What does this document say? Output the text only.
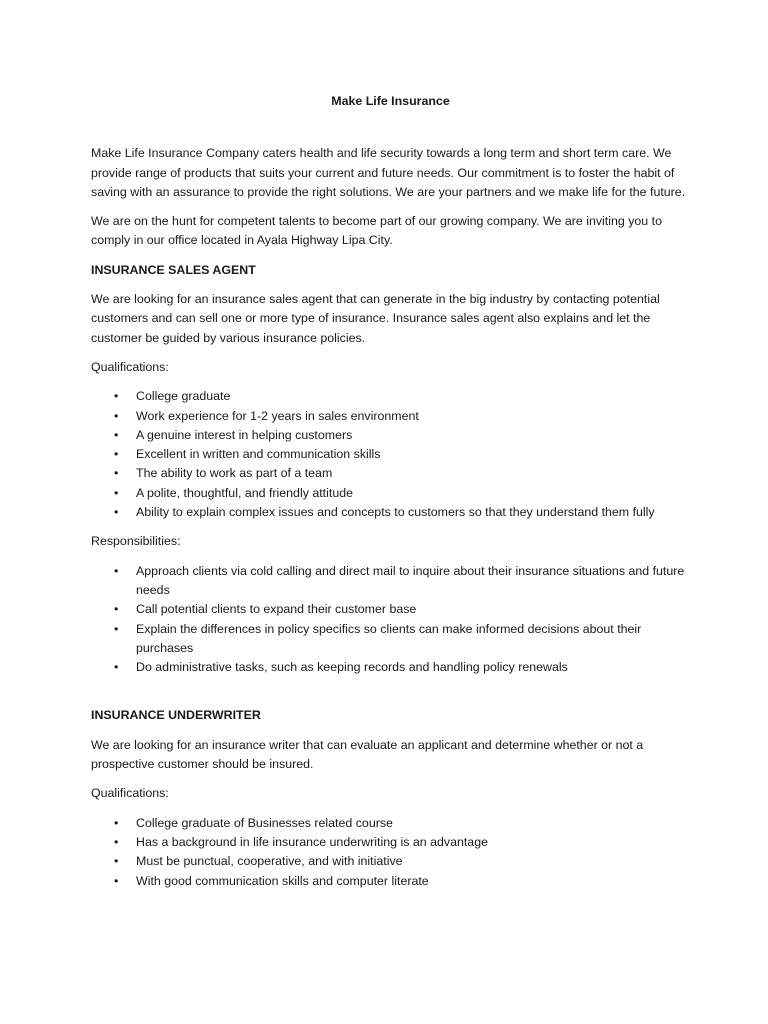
Make Life Insurance

Make Life Insurance Company caters health and life security towards a long term and short term care. We provide range of products that suits your current and future needs. Our commitment is to foster the habit of saving with an assurance to provide the right solutions. We are your partners and we make life for the future.

We are on the hunt for competent talents to become part of our growing company. We are inviting you to comply in our office located in Ayala Highway Lipa City.

INSURANCE SALES AGENT

We are looking for an insurance sales agent that can generate in the big industry by contacting potential customers and can sell one or more type of insurance. Insurance sales agent also explains and let the customer be guided by various insurance policies.

Qualifications:
• College graduate
• Work experience for 1-2 years in sales environment
• A genuine interest in helping customers
• Excellent in written and communication skills
• The ability to work as part of a team
• A polite, thoughtful, and friendly attitude
• Ability to explain complex issues and concepts to customers so that they understand them fully
Responsibilities:
• Approach clients via cold calling and direct mail to inquire about their insurance situations and future needs
• Call potential clients to expand their customer base
• Explain the differences in policy specifics so clients can make informed decisions about their purchases
• Do administrative tasks, such as keeping records and handling policy renewals
INSURANCE UNDERWRITER

We are looking for an insurance writer that can evaluate an applicant and determine whether or not a prospective customer should be insured.

Qualifications:
• College graduate of Businesses related course
• Has a background in life insurance underwriting is an advantage
• Must be punctual, cooperative, and with initiative
• With good communication skills and computer literate
